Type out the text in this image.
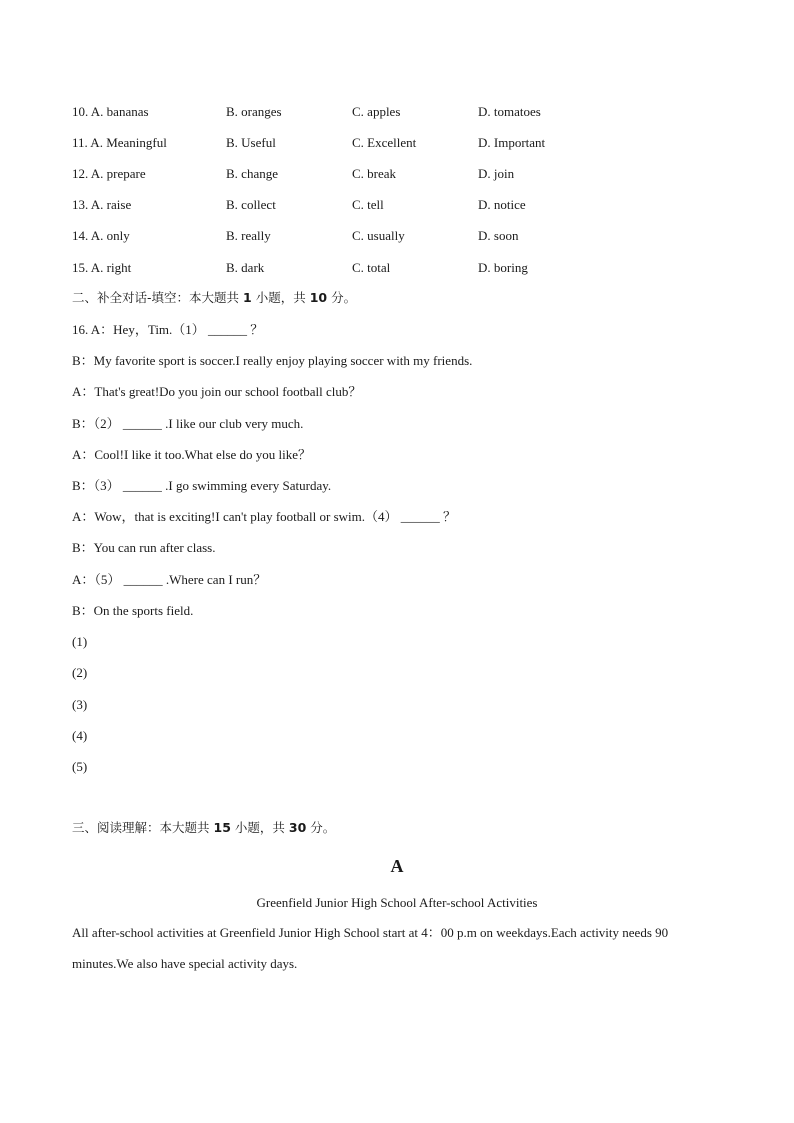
10. A. bananas	B. oranges	C. apples	D. tomatoes
11. A. Meaningful	B. Useful	C. Excellent	D. Important
12. A. prepare	B. change	C. break	D. join
13. A. raise	B. collect	C. tell	D. notice
14. A. only	B. really	C. usually	D. soon
15. A. right	B. dark	C. total	D. boring
二、补全对话-填空：本大题共 1 小题，共 10 分。
16. A：Hey，Tim.（1） ______ ？
B：My favorite sport is soccer.I really enjoy playing soccer with my friends.
A：That's great!Do you join our school football club？
B：（2） ______ .I like our club very much.
A：Cool!I like it too.What else do you like？
B：（3） ______ .I go swimming every Saturday.
A：Wow，that is exciting!I can't play football or swim.（4） ______ ？
B：You can run after class.
A：（5） ______ .Where can I run？
B：On the sports field.
(1)
(2)
(3)
(4)
(5)
三、阅读理解：本大题共 15 小题，共 30 分。
A
Greenfield Junior High School After-school Activities
All after-school activities at Greenfield Junior High School start at 4：00 p.m on weekdays.Each activity needs 90
minutes.We also have special activity days.
